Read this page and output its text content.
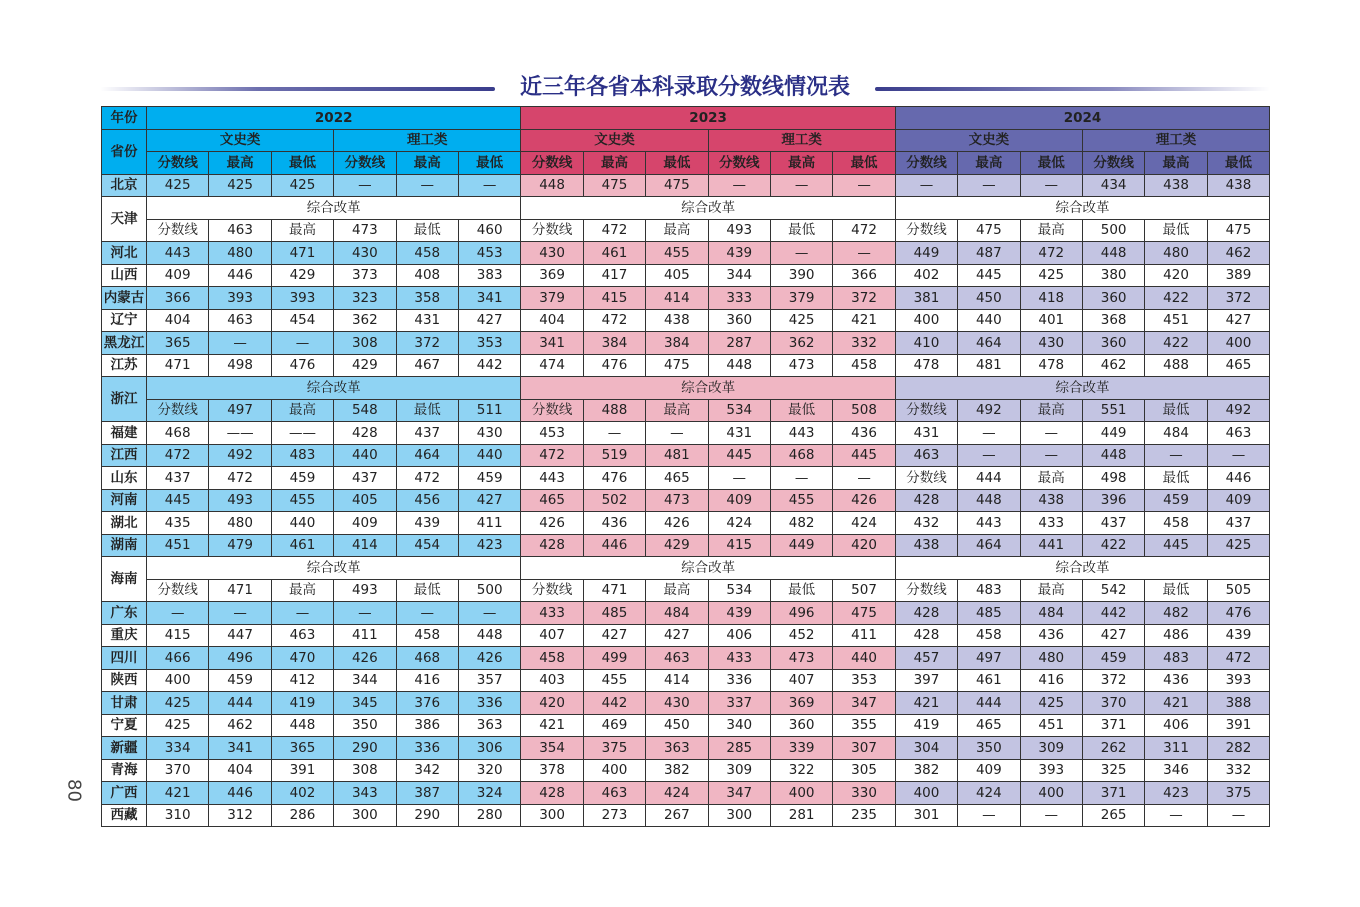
近三年各省本科录取分数线情况表
80
年份	2022						2023						2024					
省份	文史类			理工类			文史类			理工类			文史类			理工类		
	分数线	最高	最低	分数线	最高	最低	分数线	最高	最低	分数线	最高	最低	分数线	最高	最低	分数线	最高	最低
北京	425	425	425	—	—	—	448	475	475	—	—	—	—	—	—	434	438	438
天津	综合改革						综合改革						综合改革					
	分数线	463	最高	473	最低	460	分数线	472	最高	493	最低	472	分数线	475	最高	500	最低	475
河北	443	480	471	430	458	453	430	461	455	439	—	—	449	487	472	448	480	462
山西	409	446	429	373	408	383	369	417	405	344	390	366	402	445	425	380	420	389
内蒙古	366	393	393	323	358	341	379	415	414	333	379	372	381	450	418	360	422	372
辽宁	404	463	454	362	431	427	404	472	438	360	425	421	400	440	401	368	451	427
黑龙江	365	—	—	308	372	353	341	384	384	287	362	332	410	464	430	360	422	400
江苏	471	498	476	429	467	442	474	476	475	448	473	458	478	481	478	462	488	465
浙江	综合改革						综合改革						综合改革					
	分数线	497	最高	548	最低	511	分数线	488	最高	534	最低	508	分数线	492	最高	551	最低	492
福建	468	——	——	428	437	430	453	—	—	431	443	436	431	—	—	449	484	463
江西	472	492	483	440	464	440	472	519	481	445	468	445	463	—	—	448	—	—
山东	437	472	459	437	472	459	443	476	465	—	—	—	分数线	444	最高	498	最低	446
河南	445	493	455	405	456	427	465	502	473	409	455	426	428	448	438	396	459	409
湖北	435	480	440	409	439	411	426	436	426	424	482	424	432	443	433	437	458	437
湖南	451	479	461	414	454	423	428	446	429	415	449	420	438	464	441	422	445	425
海南	综合改革						综合改革						综合改革					
	分数线	471	最高	493	最低	500	分数线	471	最高	534	最低	507	分数线	483	最高	542	最低	505
广东	—	—	—	—	—	—	433	485	484	439	496	475	428	485	484	442	482	476
重庆	415	447	463	411	458	448	407	427	427	406	452	411	428	458	436	427	486	439
四川	466	496	470	426	468	426	458	499	463	433	473	440	457	497	480	459	483	472
陕西	400	459	412	344	416	357	403	455	414	336	407	353	397	461	416	372	436	393
甘肃	425	444	419	345	376	336	420	442	430	337	369	347	421	444	425	370	421	388
宁夏	425	462	448	350	386	363	421	469	450	340	360	355	419	465	451	371	406	391
新疆	334	341	365	290	336	306	354	375	363	285	339	307	304	350	309	262	311	282
青海	370	404	391	308	342	320	378	400	382	309	322	305	382	409	393	325	346	332
广西	421	446	402	343	387	324	428	463	424	347	400	330	400	424	400	371	423	375
西藏	310	312	286	300	290	280	300	273	267	300	281	235	301	—	—	265	—	—
